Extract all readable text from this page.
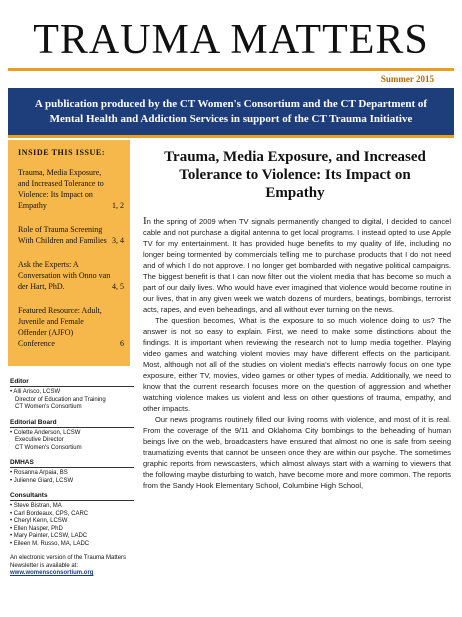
TRAUMA MATTERS
Summer 2015
A publication produced by the CT Women's Consortium and the CT Department of Mental Health and Addiction Services in support of the CT Trauma Initiative
INSIDE THIS ISSUE:
Trauma, Media Exposure, and Increased Tolerance to Violence: Its Impact on Empathy	1, 2
Role of Trauma Screening With Children and Families 3, 4
Ask the Experts: A Conversation with Onno van der Hart, PhD.	4, 5
Featured Resource: Adult, Juvenile and Female Offender (AJFO) Conference	6
Editor
• Alli Arisco, LCSW
Director of Education and Training
CT Women's Consortium
Editorial Board
• Colette Anderson, LCSW
Executive Director
CT Women's Consortium
DMHAS
• Rosanna Arpaia, BS
• Julienne Giard, LCSW
Consultants
• Steve Bistran, MA
• Carl Bordeaux, CPS, CARC
• Cheryl Kenn, LCSW
• Ellen Nasper, PhD
• Mary Painter, LCSW, LADC
• Eileen M. Russo, MA, LADC
An electronic version of the Trauma Matters Newsletter is available at:
www.womensconsortium.org
Trauma, Media Exposure, and Increased Tolerance to Violence: Its Impact on Empathy

In the spring of 2009 when TV signals permanently changed to digital, I decided to cancel cable and not purchase a digital antenna to get local programs. I instead opted to use Apple TV for my entertainment. It has provided huge benefits to my quality of life, including no longer being tormented by commercials telling me to purchase products that I do not need and of which I do not approve. I no longer get bombarded with negative political campaigns. The biggest benefit is that I can now filter out the violent media that has become so much a part of our daily lives. Who would have ever imagined that violence would become routine in our lives, that in any given week we watch dozens of murders, beatings, bombings, terrorist acts, rapes, and even beheadings, and all without ever turning on the news.

The question becomes, What is the exposure to so much violence doing to us? The answer is not so easy to explain. First, we need to make some distinctions about the findings. It is important when reviewing the research not to lump media together. Playing video games and watching violent movies may have different effects on the participant. Most, although not all of the studies on violent media's effects narrowly focus on one type exposure, either TV, movies, video games or other types of media. Additionally, we need to know that the current research focuses more on the question of aggression and whether watching violence makes us violent and less on other questions of trauma, empathy, and other impacts.

Our news programs routinely filled our living rooms with violence, and most of it is real. From the coverage of the 9/11 and Oklahoma City bombings to the beheading of human beings live on the web, broadcasters have ensured that almost no one is safe from seeing traumatizing events that cannot be unseen once they are within our psyche. The sometimes graphic reports from newscasters, which almost always start with a warning to viewers that the following maybe disturbing to watch, have become more and more common. The reports from the Sandy Hook Elementary School, Columbine High School,
